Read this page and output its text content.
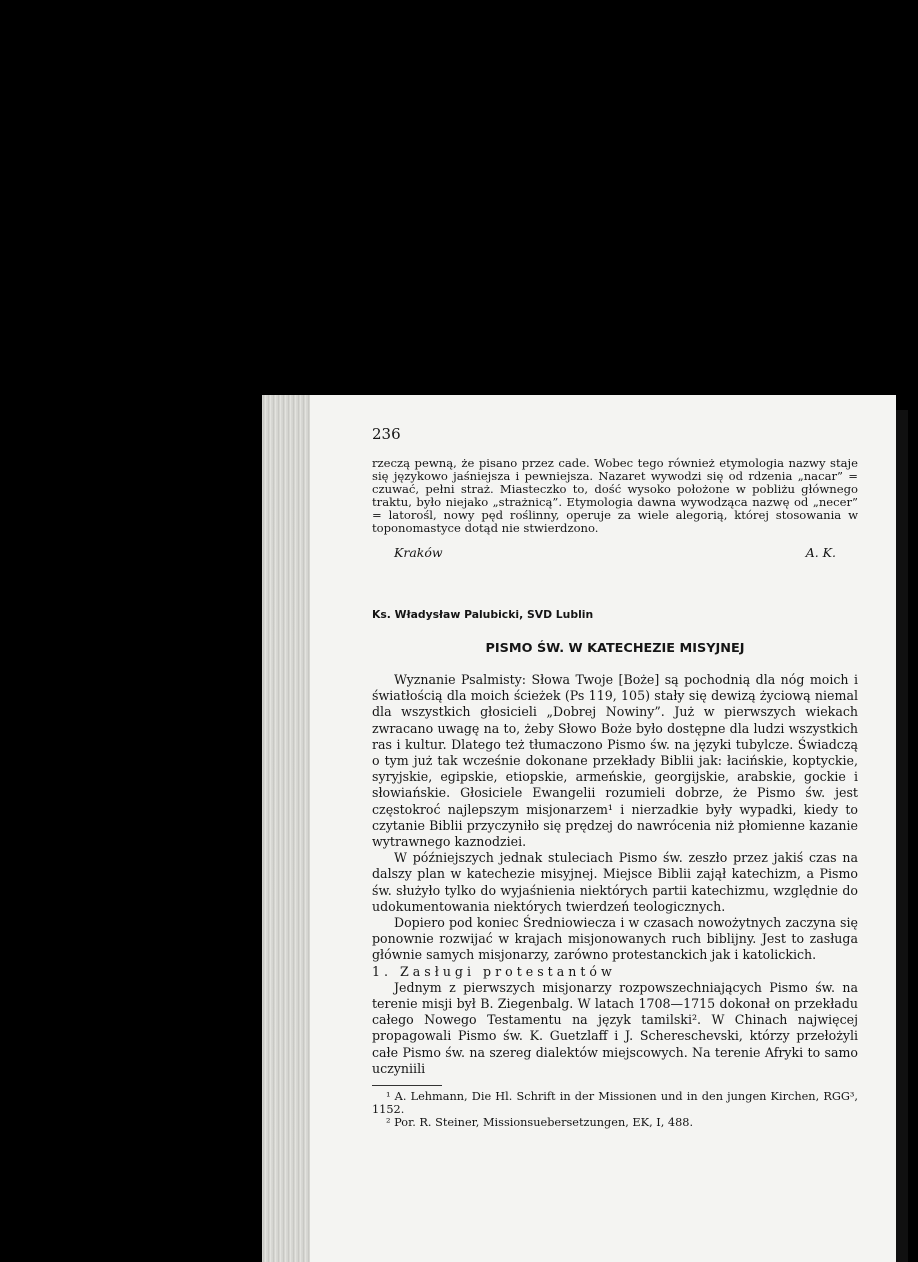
236

rzeczą pewną, że pisano przez cade. Wobec tego również etymologia nazwy staje się językowo jaśniejsza i pewniejsza. Nazaret wywodzi się od rdzenia „nacar” = czuwać, pełni straż. Miasteczko to, dość wysoko położone w pobliżu głównego traktu, było niejako „strażnicą”. Etymologia dawna wywodząca nazwę od „necer” = latorośl, nowy pęd roślinny, operuje za wiele alegorią, której stosowania w toponomastyce dotąd nie stwierdzono.

Kraków	A. K.
Ks. Władysław Palubicki, SVD Lublin
PISMO ŚW. W KATECHEZIE MISYJNEJ

Wyznanie Psalmisty: Słowa Twoje [Boże] są pochodnią dla nóg moich i światłością dla moich ścieżek (Ps 119, 105) stały się dewizą życiową niemal dla wszystkich głosicieli „Dobrej Nowiny”. Już w pierwszych wiekach zwracano uwagę na to, żeby Słowo Boże było dostępne dla ludzi wszystkich ras i kultur. Dlatego też tłumaczono Pismo św. na języki tubylcze. Świadczą o tym już tak wcześnie dokonane przekłady Biblii jak: łacińskie, koptyckie, syryjskie, egipskie, etiopskie, armeńskie, georgijskie, arabskie, gockie i słowiańskie. Głosiciele Ewangelii rozumieli dobrze, że Pismo św. jest częstokroć najlepszym misjonarzem¹ i nierzadkie były wypadki, kiedy to czytanie Biblii przyczyniło się prędzej do nawrócenia niż płomienne kazanie wytrawnego kaznodziei.

W późniejszych jednak stuleciach Pismo św. zeszło przez jakiś czas na dalszy plan w katechezie misyjnej. Miejsce Biblii zajął katechizm, a Pismo św. służyło tylko do wyjaśnienia niektórych partii katechizmu, względnie do udokumentowania niektórych twierdzeń teologicznych.

Dopiero pod koniec Średniowiecza i w czasach nowożytnych zaczyna się ponownie rozwijać w krajach misjonowanych ruch biblijny. Jest to zasługa głównie samych misjonarzy, zarówno protestanckich jak i katolickich.

1. Zasługi protestantów

Jednym z pierwszych misjonarzy rozpowszechniających Pismo św. na terenie misji był B. Ziegenbalg. W latach 1708—1715 dokonał on przekładu całego Nowego Testamentu na język tamilski². W Chinach najwięcej propagowali Pismo św. K. Guetzlaff i J. Schereschevski, którzy przełożyli całe Pismo św. na szereg dialektów miejscowych. Na terenie Afryki to samo uczyniili

¹ A. Lehmann, Die Hl. Schrift in der Missionen und in den jungen Kirchen, RGG³, 1152.

² Por. R. Steiner, Missionsuebersetzungen, EK, I, 488.
